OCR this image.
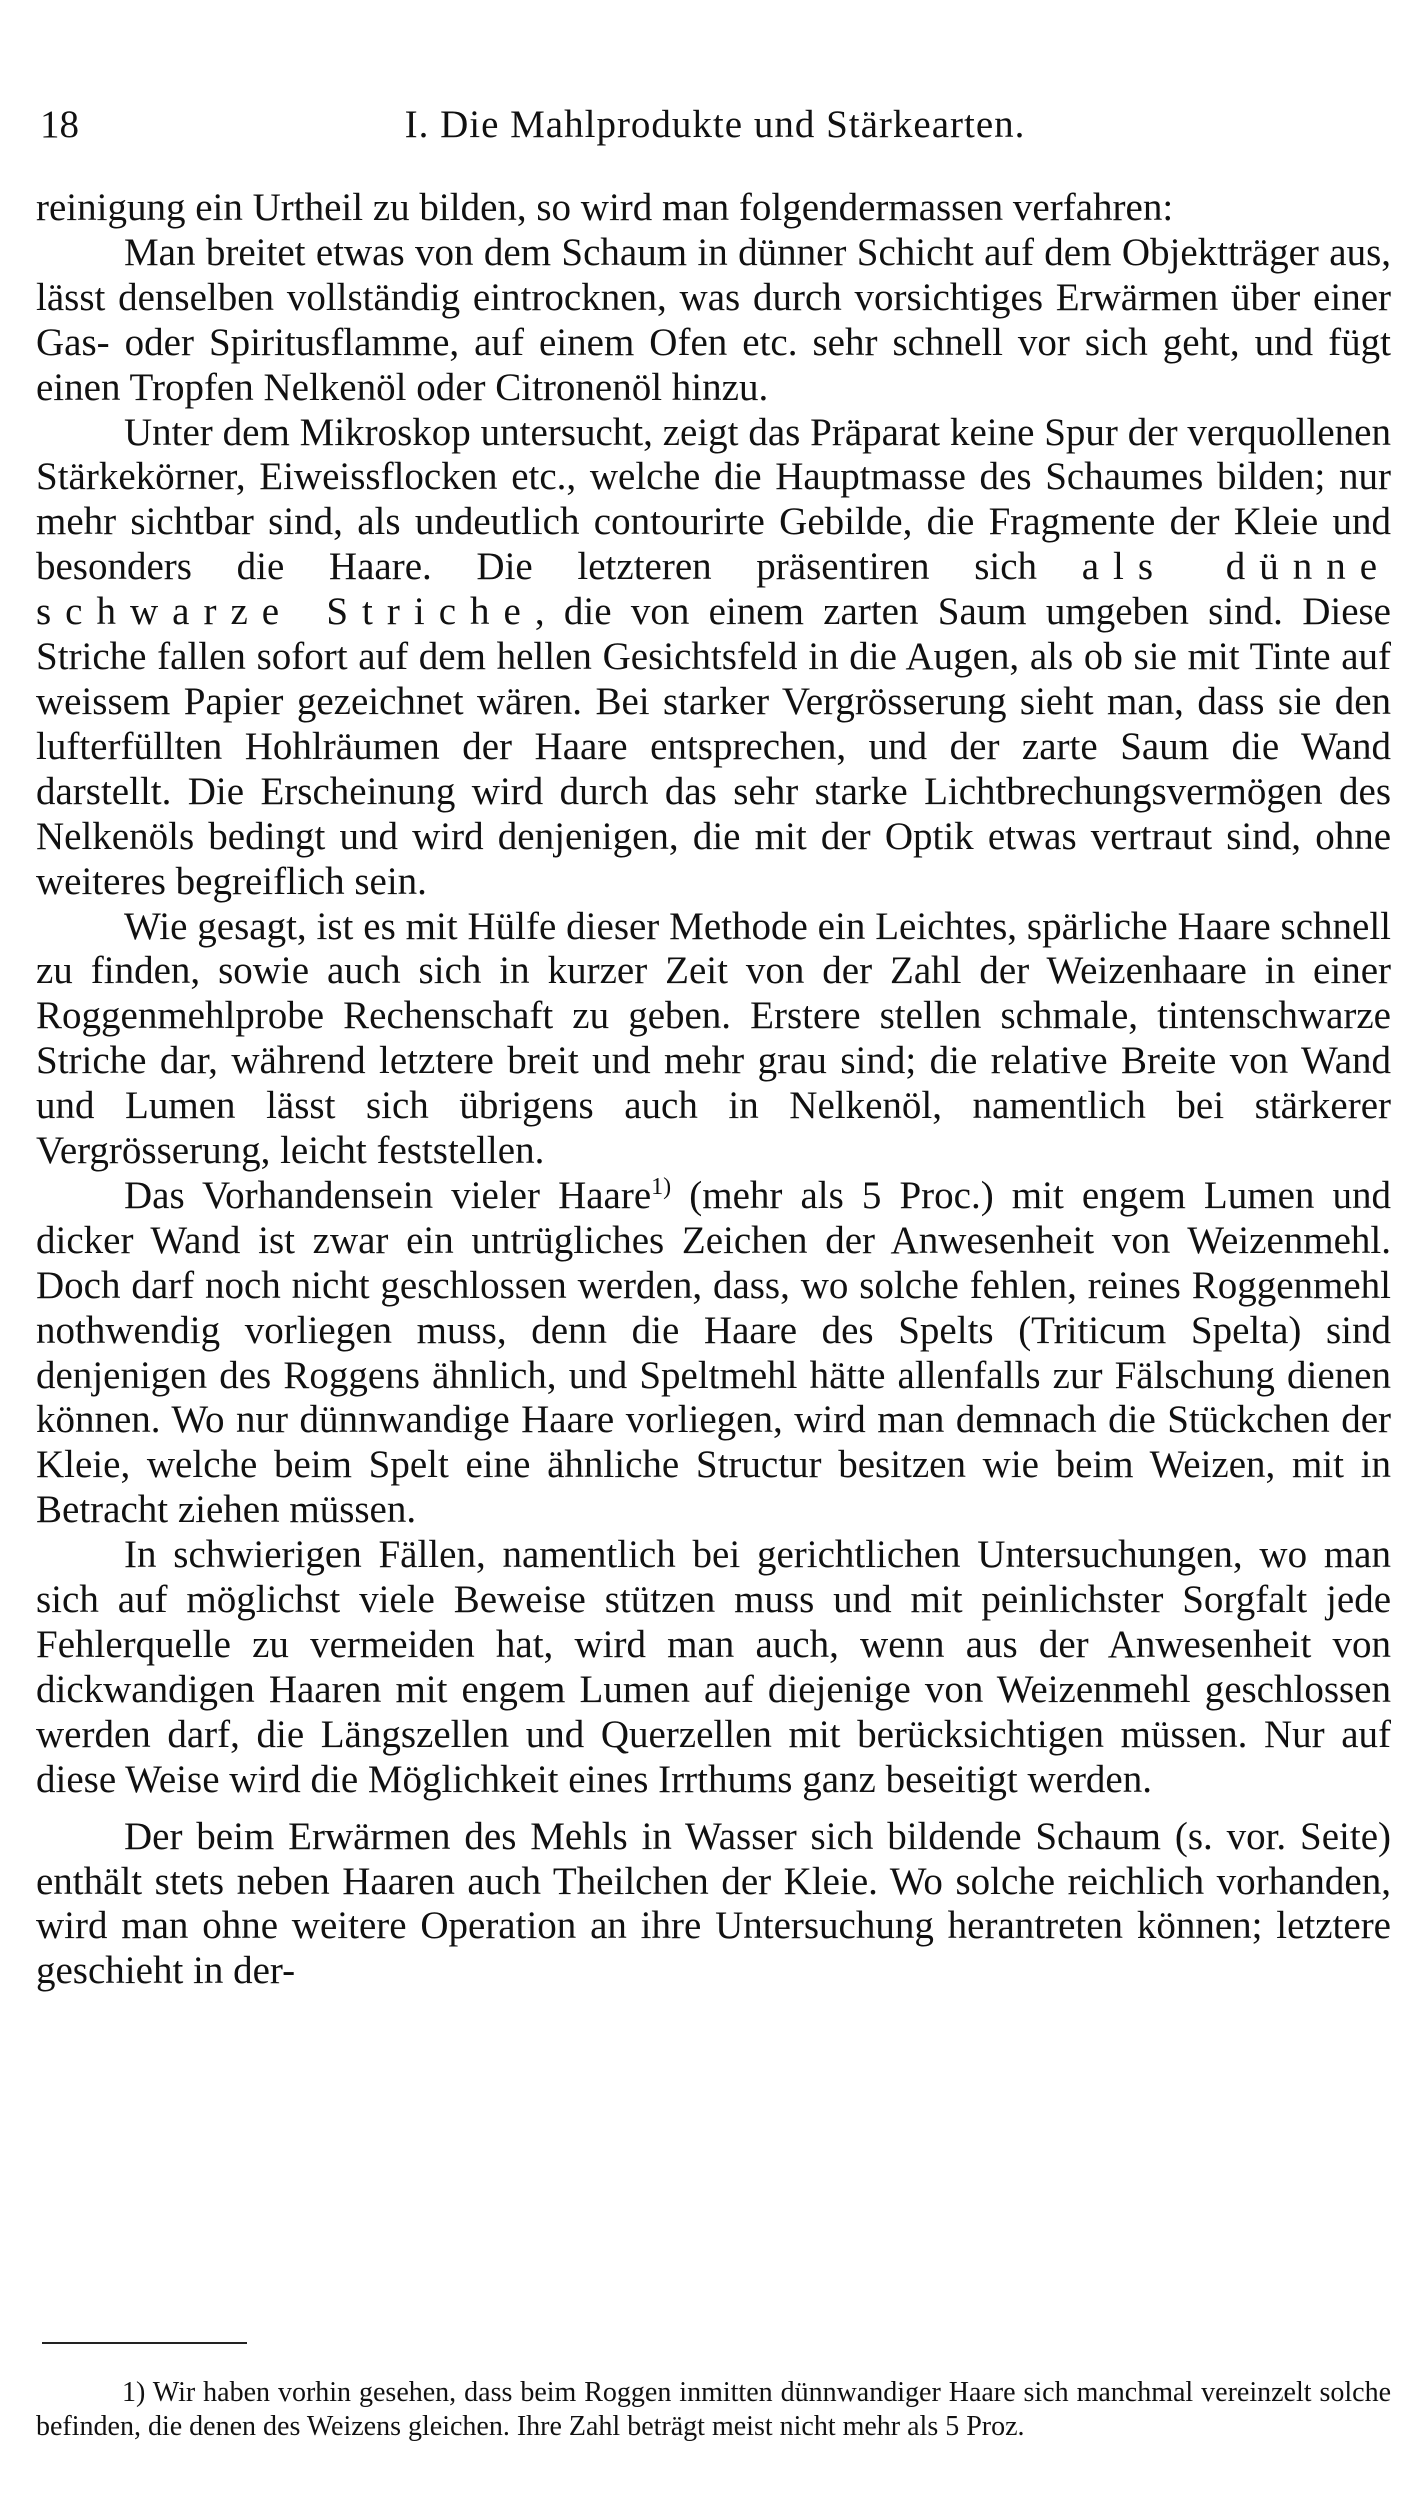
18	I. Die Mahlprodukte und Stärkearten.

reinigung ein Urtheil zu bilden, so wird man folgendermassen verfahren:

Man breitet etwas von dem Schaum in dünner Schicht auf dem Objektträger aus, lässt denselben vollständig eintrocknen, was durch vorsichtiges Erwärmen über einer Gas- oder Spiritusflamme, auf einem Ofen etc. sehr schnell vor sich geht, und fügt einen Tropfen Nelkenöl oder Citronenöl hinzu.

Unter dem Mikroskop untersucht, zeigt das Präparat keine Spur der verquollenen Stärkekörner, Eiweissflocken etc., welche die Hauptmasse des Schaumes bilden; nur mehr sichtbar sind, als undeutlich contourirte Gebilde, die Fragmente der Kleie und besonders die Haare. Die letzteren präsentiren sich als dünne schwarze Striche, die von einem zarten Saum umgeben sind. Diese Striche fallen sofort auf dem hellen Gesichtsfeld in die Augen, als ob sie mit Tinte auf weissem Papier gezeichnet wären. Bei starker Vergrösserung sieht man, dass sie den lufterfüllten Hohlräumen der Haare entsprechen, und der zarte Saum die Wand darstellt. Die Erscheinung wird durch das sehr starke Lichtbrechungsvermögen des Nelkenöls bedingt und wird denjenigen, die mit der Optik etwas vertraut sind, ohne weiteres begreiflich sein.

Wie gesagt, ist es mit Hülfe dieser Methode ein Leichtes, spärliche Haare schnell zu finden, sowie auch sich in kurzer Zeit von der Zahl der Weizenhaare in einer Roggenmehlprobe Rechenschaft zu geben. Erstere stellen schmale, tintenschwarze Striche dar, während letztere breit und mehr grau sind; die relative Breite von Wand und Lumen lässt sich übrigens auch in Nelkenöl, namentlich bei stärkerer Vergrösserung, leicht feststellen.

Das Vorhandensein vieler Haare$^{1)}$ (mehr als 5 Proc.) mit engem Lumen und dicker Wand ist zwar ein untrügliches Zeichen der Anwesenheit von Weizenmehl. Doch darf noch nicht geschlossen werden, dass, wo solche fehlen, reines Roggenmehl nothwendig vorliegen muss, denn die Haare des Spelts (Triticum Spelta) sind denjenigen des Roggens ähnlich, und Speltmehl hätte allenfalls zur Fälschung dienen können. Wo nur dünnwandige Haare vorliegen, wird man demnach die Stückchen der Kleie, welche beim Spelt eine ähnliche Structur besitzen wie beim Weizen, mit in Betracht ziehen müssen.

In schwierigen Fällen, namentlich bei gerichtlichen Untersuchungen, wo man sich auf möglichst viele Beweise stützen muss und mit peinlichster Sorgfalt jede Fehlerquelle zu vermeiden hat, wird man auch, wenn aus der Anwesenheit von dickwandigen Haaren mit engem Lumen auf diejenige von Weizenmehl geschlossen werden darf, die Längszellen und Querzellen mit berücksichtigen müssen. Nur auf diese Weise wird die Möglichkeit eines Irrthums ganz beseitigt werden.

Der beim Erwärmen des Mehls in Wasser sich bildende Schaum (s. vor. Seite) enthält stets neben Haaren auch Theilchen der Kleie. Wo solche reichlich vorhanden, wird man ohne weitere Operation an ihre Untersuchung herantreten können; letztere geschieht in der-

1) Wir haben vorhin gesehen, dass beim Roggen inmitten dünnwandiger Haare sich manchmal vereinzelt solche befinden, die denen des Weizens gleichen. Ihre Zahl beträgt meist nicht mehr als 5 Proz.
